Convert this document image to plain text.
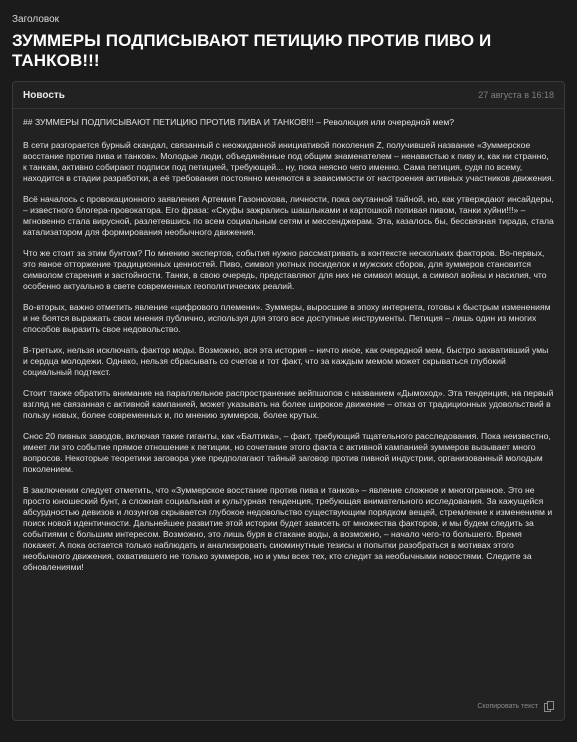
Заголовок
ЗУММЕРЫ ПОДПИСЫВАЮТ ПЕТИЦИЮ ПРОТИВ ПИВО И ТАНКОВ!!!
Новость	27 августа в 16:18

## ЗУММЕРЫ ПОДПИСЫВАЮТ ПЕТИЦИЮ ПРОТИВ ПИВА И ТАНКОВ!!! – Революция или очередной мем?

В сети разгорается бурный скандал, связанный с неожиданной инициативой поколения Z, получившей название «Зуммерское восстание против пива и танков». Молодые люди, объединённые под общим знаменателем – ненавистью к пиву и, как ни странно, к танкам, активно собирают подписи под петицией, требующей... ну, пока неясно чего именно. Сама петиция, судя по всему, находится в стадии разработки, а её требования постоянно меняются в зависимости от настроения активных участников движения.

Всё началось с провокационного заявления Артемия Газонюхова, личности, пока окутанной тайной, но, как утверждают инсайдеры, – известного блогера-провокатора. Его фраза: «Скуфы зажрались шашлыками и картошкой попивая пивом, танки хуйни!!!» – мгновенно стала вирусной, разлетевшись по всем социальным сетям и мессенджерам. Эта, казалось бы, бессвязная тирада, стала катализатором для формирования необычного движения.

Что же стоит за этим бунтом? По мнению экспертов, события нужно рассматривать в контексте нескольких факторов. Во-первых, это явное отторжение традиционных ценностей. Пиво, символ уютных посиделок и мужских сборов, для зуммеров становится символом старения и застойности. Танки, в свою очередь, представляют для них не символ мощи, а символ войны и насилия, что особенно актуально в свете современных геополитических реалий.

Во-вторых, важно отметить явление «цифрового племени». Зуммеры, выросшие в эпоху интернета, готовы к быстрым изменениям и не боятся выражать свои мнения публично, используя для этого все доступные инструменты. Петиция – лишь один из многих способов выразить свое недовольство.

В-третьих, нельзя исключать фактор моды. Возможно, вся эта история – ничто иное, как очередной мем, быстро захвативший умы и сердца молодежи. Однако, нельзя сбрасывать со счетов и тот факт, что за каждым мемом может скрываться глубокий социальный подтекст.

Стоит также обратить внимание на параллельное распространение вейпшопов с названием «Дымоход». Эта тенденция, на первый взгляд не связанная с активной кампанией, может указывать на более широкое движение – отказ от традиционных удовольствий в пользу новых, более современных и, по мнению зуммеров, более крутых.

Снос 20 пивных заводов, включая такие гиганты, как «Балтика», – факт, требующий тщательного расследования. Пока неизвестно, имеет ли это событие прямое отношение к петиции, но сочетание этого факта с активной кампанией зуммеров вызывает много вопросов. Некоторые теоретики заговора уже предполагают тайный заговор против пивной индустрии, организованный молодым поколением.

В заключении следует отметить, что «Зуммерское восстание против пива и танков» – явление сложное и многогранное. Это не просто юношеский бунт, а сложная социальная и культурная тенденция, требующая внимательного исследования. За кажущейся абсурдностью девизов и лозунгов скрывается глубокое недовольство существующим порядком вещей, стремление к изменениям и поиск новой идентичности. Дальнейшее развитие этой истории будет зависеть от множества факторов, и мы будем следить за событиями с большим интересом. Возможно, это лишь буря в стакане воды, а возможно, – начало чего-то большего. Время покажет. А пока остается только наблюдать и анализировать сиюминутные тезисы и попытки разобраться в мотивах этого необычного движения, охватившего не только зуммеров, но и умы всех тех, кто следит за необычными новостями. Следите за обновлениями!

Скопировать текст
